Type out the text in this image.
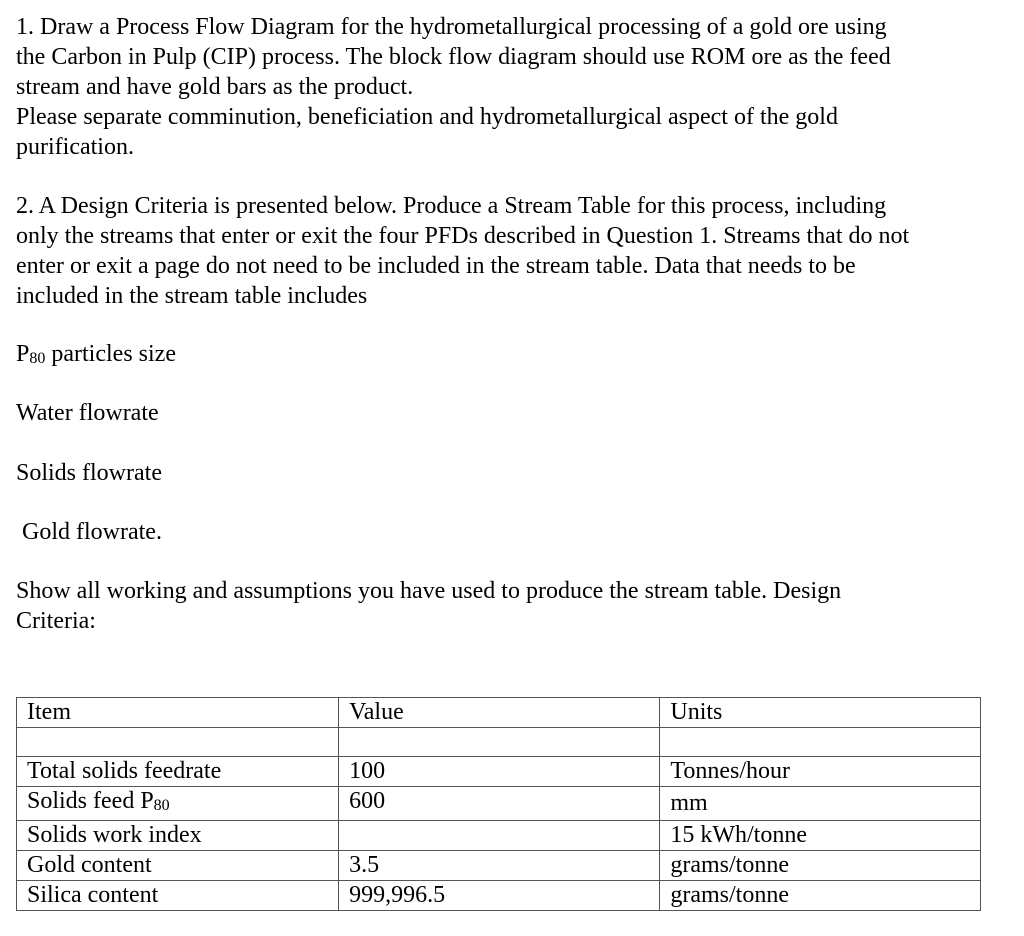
1. Draw a Process Flow Diagram for the hydrometallurgical processing of a gold ore using
the Carbon in Pulp (CIP) process. The block flow diagram should use ROM ore as the feed
stream and have gold bars as the product.
Please separate comminution, beneficiation and hydrometallurgical aspect of the gold
purification.

2. A Design Criteria is presented below. Produce a Stream Table for this process, including
only the streams that enter or exit the four PFDs described in Question 1. Streams that do not
enter or exit a page do not need to be included in the stream table. Data that needs to be
included in the stream table includes

P80 particles size

Water flowrate

Solids flowrate

Gold flowrate.

Show all working and assumptions you have used to produce the stream table. Design
Criteria:

Item	Value	Units

Total solids feedrate	100	Tonnes/hour
Solids feed P80	600	mm
Solids work index		15 kWh/tonne
Gold content	3.5	grams/tonne
Silica content	999,996.5	grams/tonne
